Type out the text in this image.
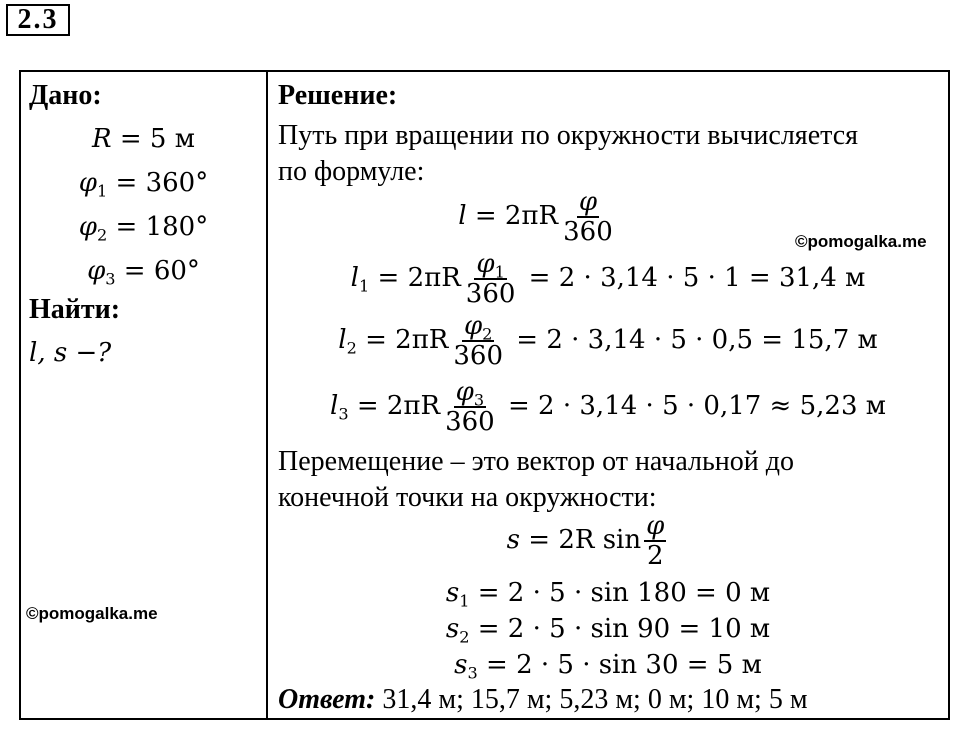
2.3
Дано:
R = 5 м
$\varphi_1 = 360^\circ$
$\varphi_2 = 180^\circ$
$\varphi_3 = 60^\circ$
Найти:
l, s −?
©pomogalka.me
Решение:
Путь при вращении по окружности вычисляется
по формуле:
$l = 2\pi R \frac{\varphi}{360}$	©pomogalka.me
$l_1 = 2\pi R \frac{\varphi_1}{360} = 2 \cdot 3,14 \cdot 5 \cdot 1 = 31,4$ м
$l_2 = 2\pi R \frac{\varphi_2}{360} = 2 \cdot 3,14 \cdot 5 \cdot 0,5 = 15,7$ м
$l_3 = 2\pi R \frac{\varphi_3}{360} = 2 \cdot 3,14 \cdot 5 \cdot 0,17 \approx 5,23$ м
Перемещение – это вектор от начальной до
конечной точки на окружности:
s = 2R $\sin \frac{\varphi}{2}$
$s_1 = 2 \cdot 5 \cdot \sin 180 = 0$ м
$s_2 = 2 \cdot 5 \cdot \sin 90 = 10$ м
$s_3 = 2 \cdot 5 \cdot \sin 30 = 5$ м
Ответ: 31,4 м; 15,7 м; 5,23 м; 0 м; 10 м; 5 м
